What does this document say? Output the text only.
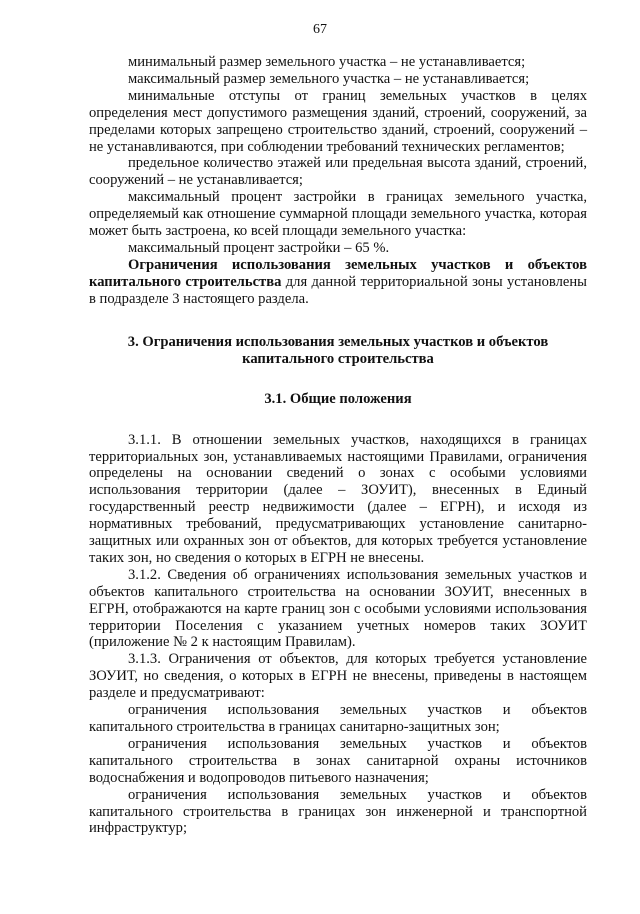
67

минимальный размер земельного участка – не устанавливается;

максимальный размер земельного участка – не устанавливается;

минимальные отступы от границ земельных участков в целях определения мест допустимого размещения зданий, строений, сооружений, за пределами которых запрещено строительство зданий, строений, сооружений – не устанавливаются, при соблюдении требований технических регламентов;

предельное количество этажей или предельная высота зданий, строений, сооружений – не устанавливается;

максимальный процент застройки в границах земельного участка, определяемый как отношение суммарной площади земельного участка, которая может быть застроена, ко всей площади земельного участка:

максимальный процент застройки – 65 %.

Ограничения использования земельных участков и объектов капитального строительства для данной территориальной зоны установлены в подразделе 3 настоящего раздела.

3. Ограничения использования земельных участков и объектов капитального строительства
3.1. Общие положения

3.1.1. В отношении земельных участков, находящихся в границах территориальных зон, устанавливаемых настоящими Правилами, ограничения определены на основании сведений о зонах с особыми условиями использования территории (далее – ЗОУИТ), внесенных в Единый государственный реестр недвижимости (далее – ЕГРН), и исходя из нормативных требований, предусматривающих установление санитарно-защитных или охранных зон от объектов, для которых требуется установление таких зон, но сведения о которых в ЕГРН не внесены.

3.1.2. Сведения об ограничениях использования земельных участков и объектов капитального строительства на основании ЗОУИТ, внесенных в ЕГРН, отображаются на карте границ зон с особыми условиями использования территории Поселения с указанием учетных номеров таких ЗОУИТ (приложение № 2 к настоящим Правилам).

3.1.3. Ограничения от объектов, для которых требуется установление ЗОУИТ, но сведения, о которых в ЕГРН не внесены, приведены в настоящем разделе и предусматривают:

ограничения использования земельных участков и объектов капитального строительства в границах санитарно-защитных зон;

ограничения использования земельных участков и объектов капитального строительства в зонах санитарной охраны источников водоснабжения и водопроводов питьевого назначения;

ограничения использования земельных участков и объектов капитального строительства в границах зон инженерной и транспортной инфраструктур;
